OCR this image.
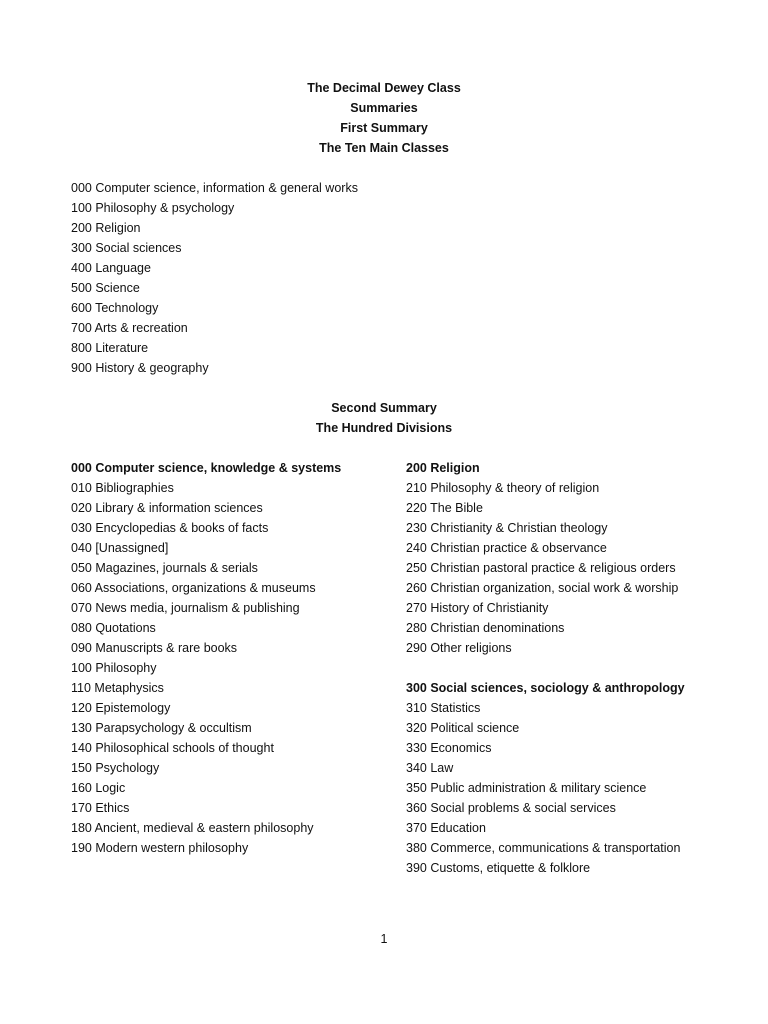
The Decimal Dewey Class
Summaries
First Summary
The Ten Main Classes
000 Computer science, information & general works
100 Philosophy & psychology
200 Religion
300 Social sciences
400 Language
500 Science
600 Technology
700 Arts & recreation
800 Literature
900 History & geography
Second Summary
The Hundred Divisions
000 Computer science, knowledge & systems
010 Bibliographies
020 Library & information sciences
030 Encyclopedias & books of facts
040 [Unassigned]
050 Magazines, journals & serials
060 Associations, organizations & museums
070 News media, journalism & publishing
080 Quotations
090 Manuscripts & rare books
100 Philosophy
110 Metaphysics
120 Epistemology
130 Parapsychology & occultism
140 Philosophical schools of thought
150 Psychology
160 Logic
170 Ethics
180 Ancient, medieval & eastern philosophy
190 Modern western philosophy
200 Religion
210 Philosophy & theory of religion
220 The Bible
230 Christianity & Christian theology
240 Christian practice & observance
250 Christian pastoral practice & religious orders
260 Christian organization, social work & worship
270 History of Christianity
280 Christian denominations
290 Other religions
300 Social sciences, sociology & anthropology
310 Statistics
320 Political science
330 Economics
340 Law
350 Public administration & military science
360 Social problems & social services
370 Education
380 Commerce, communications & transportation
390 Customs, etiquette & folklore
1
